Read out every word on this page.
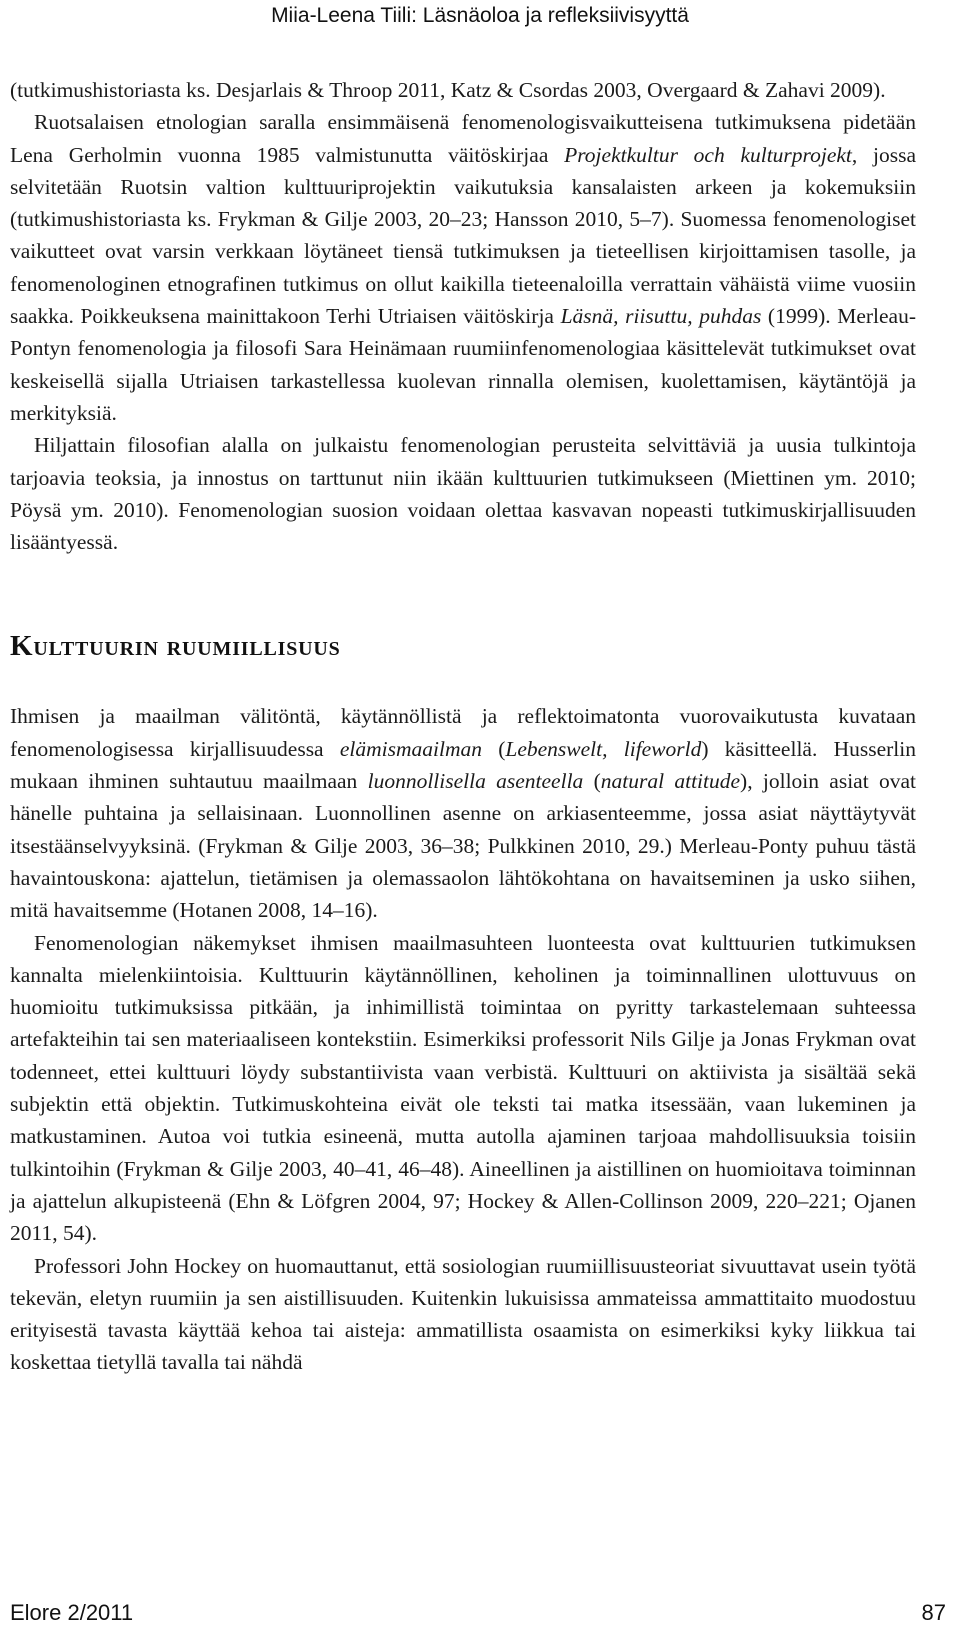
Miia-Leena Tiili: Läsnäoloa ja refleksiivisyyttä

(tutkimushistoriasta ks. Desjarlais & Throop 2011, Katz & Csordas 2003, Overgaard & Zahavi 2009).

Ruotsalaisen etnologian saralla ensimmäisenä fenomenologisvaikutteisena tutkimuksena pidetään Lena Gerholmin vuonna 1985 valmistunutta väitöskirjaa Projektkultur och kulturprojekt, jossa selvitetään Ruotsin valtion kulttuuriprojektin vaikutuksia kansalaisten arkeen ja kokemuksiin (tutkimushistoriasta ks. Frykman & Gilje 2003, 20–23; Hansson 2010, 5–7). Suomessa fenomenologiset vaikutteet ovat varsin verkkaan löytäneet tiensä tutkimuksen ja tieteellisen kirjoittamisen tasolle, ja fenomenologinen etnografinen tutkimus on ollut kaikilla tieteenaloilla verrattain vähäistä viime vuosiin saakka. Poikkeuksena mainittakoon Terhi Utriaisen väitöskirja Läsnä, riisuttu, puhdas (1999). Merleau-Pontyn fenomenologia ja filosofi Sara Heinämaan ruumiinfenomenologiaa käsittelevät tutkimukset ovat keskeisellä sijalla Utriaisen tarkastellessa kuolevan rinnalla olemisen, kuolettamisen, käytäntöjä ja merkityksiä.

Hiljattain filosofian alalla on julkaistu fenomenologian perusteita selvittäviä ja uusia tulkintoja tarjoavia teoksia, ja innostus on tarttunut niin ikään kulttuurien tutkimukseen (Miettinen ym. 2010; Pöysä ym. 2010). Fenomenologian suosion voidaan olettaa kasvavan nopeasti tutkimuskirjallisuuden lisääntyessä.

Kulttuurin ruumiillisuus

Ihmisen ja maailman välitöntä, käytännöllistä ja reflektoimatonta vuorovaikutusta kuvataan fenomenologisessa kirjallisuudessa elämismaailman (Lebenswelt, lifeworld) käsitteellä. Husserlin mukaan ihminen suhtautuu maailmaan luonnollisella asenteella (natural attitude), jolloin asiat ovat hänelle puhtaina ja sellaisinaan. Luonnollinen asenne on arkiasenteemme, jossa asiat näyttäytyvät itsestäänselvyyksinä. (Frykman & Gilje 2003, 36–38; Pulkkinen 2010, 29.) Merleau-Ponty puhuu tästä havaintouskona: ajattelun, tietämisen ja olemassaolon lähtökohtana on havaitseminen ja usko siihen, mitä havaitsemme (Hotanen 2008, 14–16).

Fenomenologian näkemykset ihmisen maailmasuhteen luonteesta ovat kulttuurien tutkimuksen kannalta mielenkiintoisia. Kulttuurin käytännöllinen, keholinen ja toiminnallinen ulottuvuus on huomioitu tutkimuksissa pitkään, ja inhimillistä toimintaa on pyritty tarkastelemaan suhteessa artefakteihin tai sen materiaaliseen kontekstiin. Esimerkiksi professorit Nils Gilje ja Jonas Frykman ovat todenneet, ettei kulttuuri löydy substantiivista vaan verbistä. Kulttuuri on aktiivista ja sisältää sekä subjektin että objektin. Tutkimuskohteina eivät ole teksti tai matka itsessään, vaan lukeminen ja matkustaminen. Autoa voi tutkia esineenä, mutta autolla ajaminen tarjoaa mahdollisuuksia toisiin tulkintoihin (Frykman & Gilje 2003, 40–41, 46–48). Aineellinen ja aistillinen on huomioitava toiminnan ja ajattelun alkupisteenä (Ehn & Löfgren 2004, 97; Hockey & Allen-Collinson 2009, 220–221; Ojanen 2011, 54).

Professori John Hockey on huomauttanut, että sosiologian ruumiillisuusteoriat sivuuttavat usein työtä tekevän, eletyn ruumiin ja sen aistillisuuden. Kuitenkin lukuisissa ammateissa ammattitaito muodostuu erityisestä tavasta käyttää kehoa tai aisteja: ammatillista osaamista on esimerkiksi kyky liikkua tai koskettaa tietyllä tavalla tai nähdä

Elore 2/2011	87
